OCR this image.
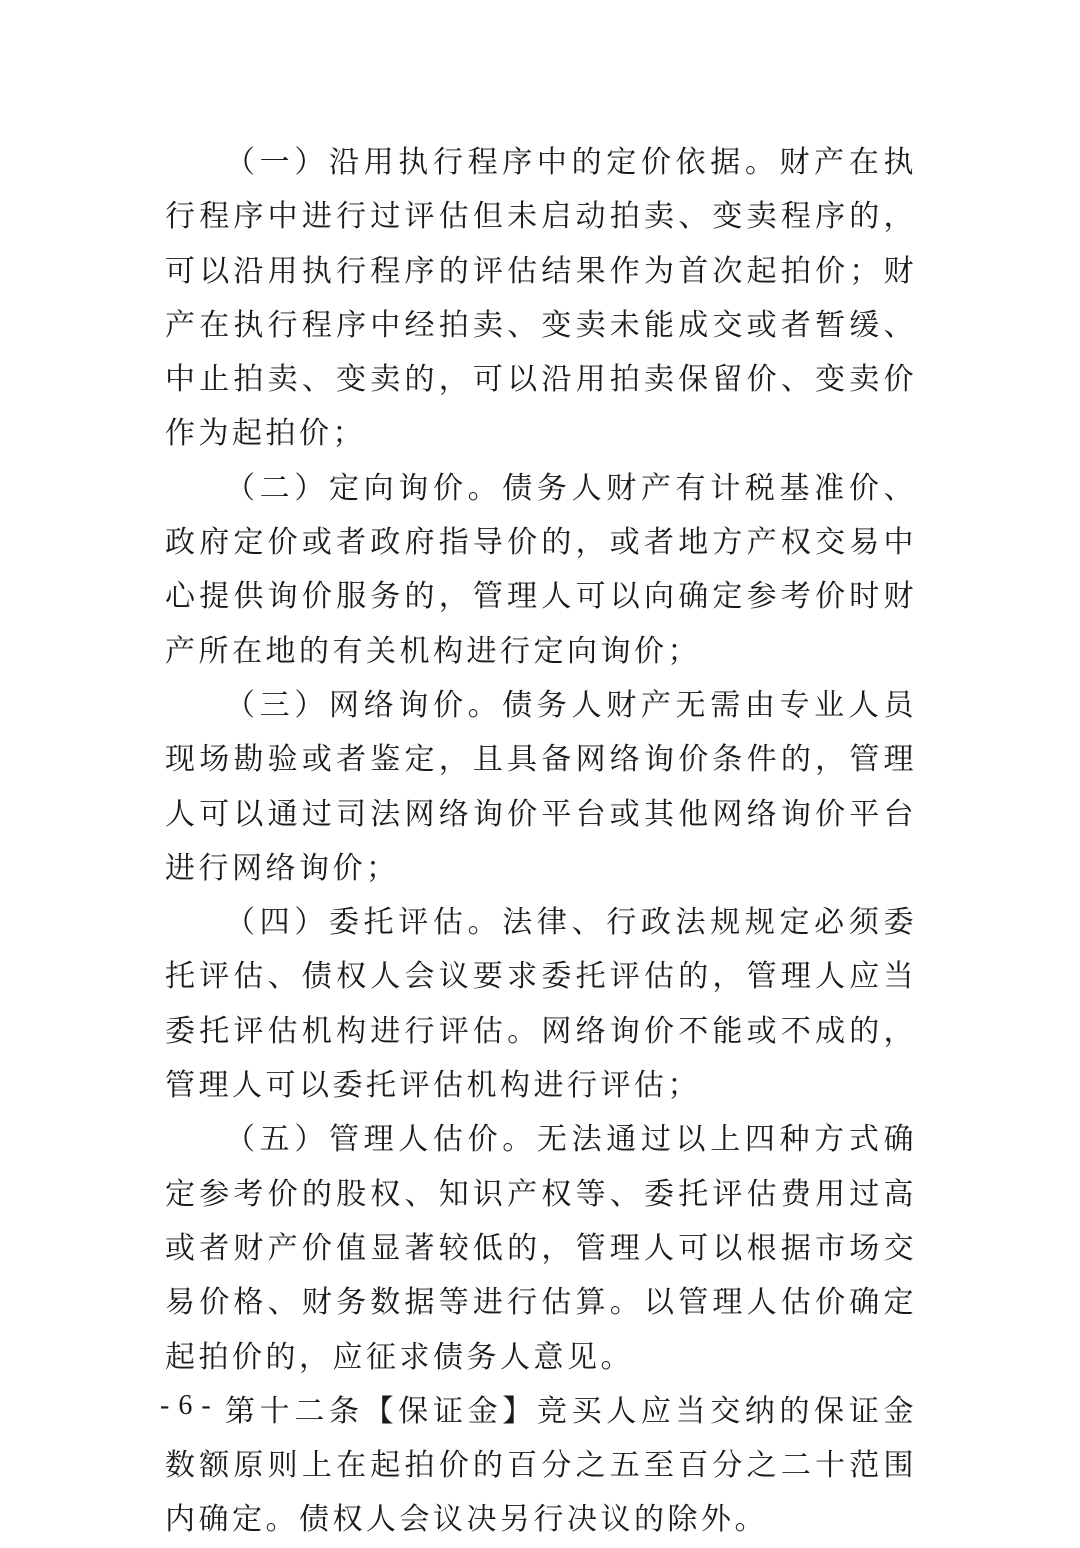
（一）沿用执行程序中的定价依据。财产在执行程序中进行过评估但未启动拍卖、变卖程序的，可以沿用执行程序的评估结果作为首次起拍价；财产在执行程序中经拍卖、变卖未能成交或者暂缓、中止拍卖、变卖的，可以沿用拍卖保留价、变卖价作为起拍价；

（二）定向询价。债务人财产有计税基准价、政府定价或者政府指导价的，或者地方产权交易中心提供询价服务的，管理人可以向确定参考价时财产所在地的有关机构进行定向询价；

（三）网络询价。债务人财产无需由专业人员现场勘验或者鉴定，且具备网络询价条件的，管理人可以通过司法网络询价平台或其他网络询价平台进行网络询价；

（四）委托评估。法律、行政法规规定必须委托评估、债权人会议要求委托评估的，管理人应当委托评估机构进行评估。网络询价不能或不成的，管理人可以委托评估机构进行评估；

（五）管理人估价。无法通过以上四种方式确定参考价的股权、知识产权等、委托评估费用过高或者财产价值显著较低的，管理人可以根据市场交易价格、财务数据等进行估算。以管理人估价确定起拍价的，应征求债务人意见。

第十二条【保证金】竞买人应当交纳的保证金数额原则上在起拍价的百分之五至百分之二十范围内确定。债权人会议决另行决议的除外。

- 6 -
